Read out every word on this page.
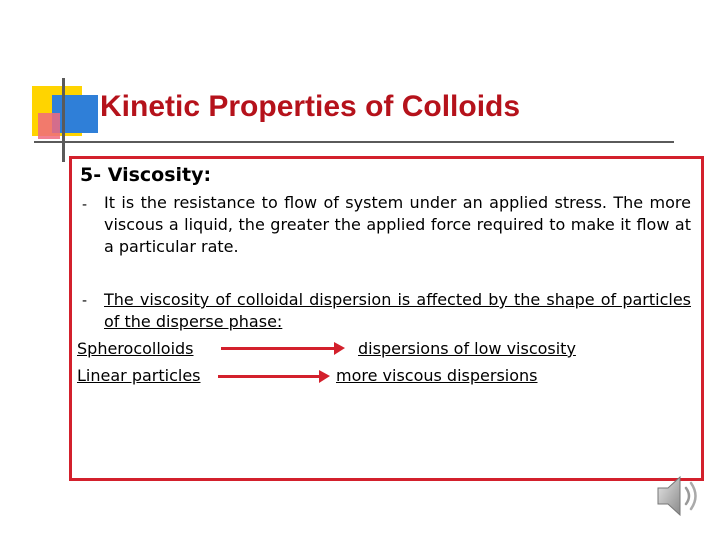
Kinetic Properties of Colloids
5- Viscosity:
- It is the resistance to flow of system under an applied stress. The more viscous a liquid, the greater the applied force required to make it flow at a particular rate.

- The viscosity of colloidal dispersion is affected by the shape of particles of the disperse phase:

Spherocolloids	dispersions of low viscosity
Linear particles	more viscous dispersions
